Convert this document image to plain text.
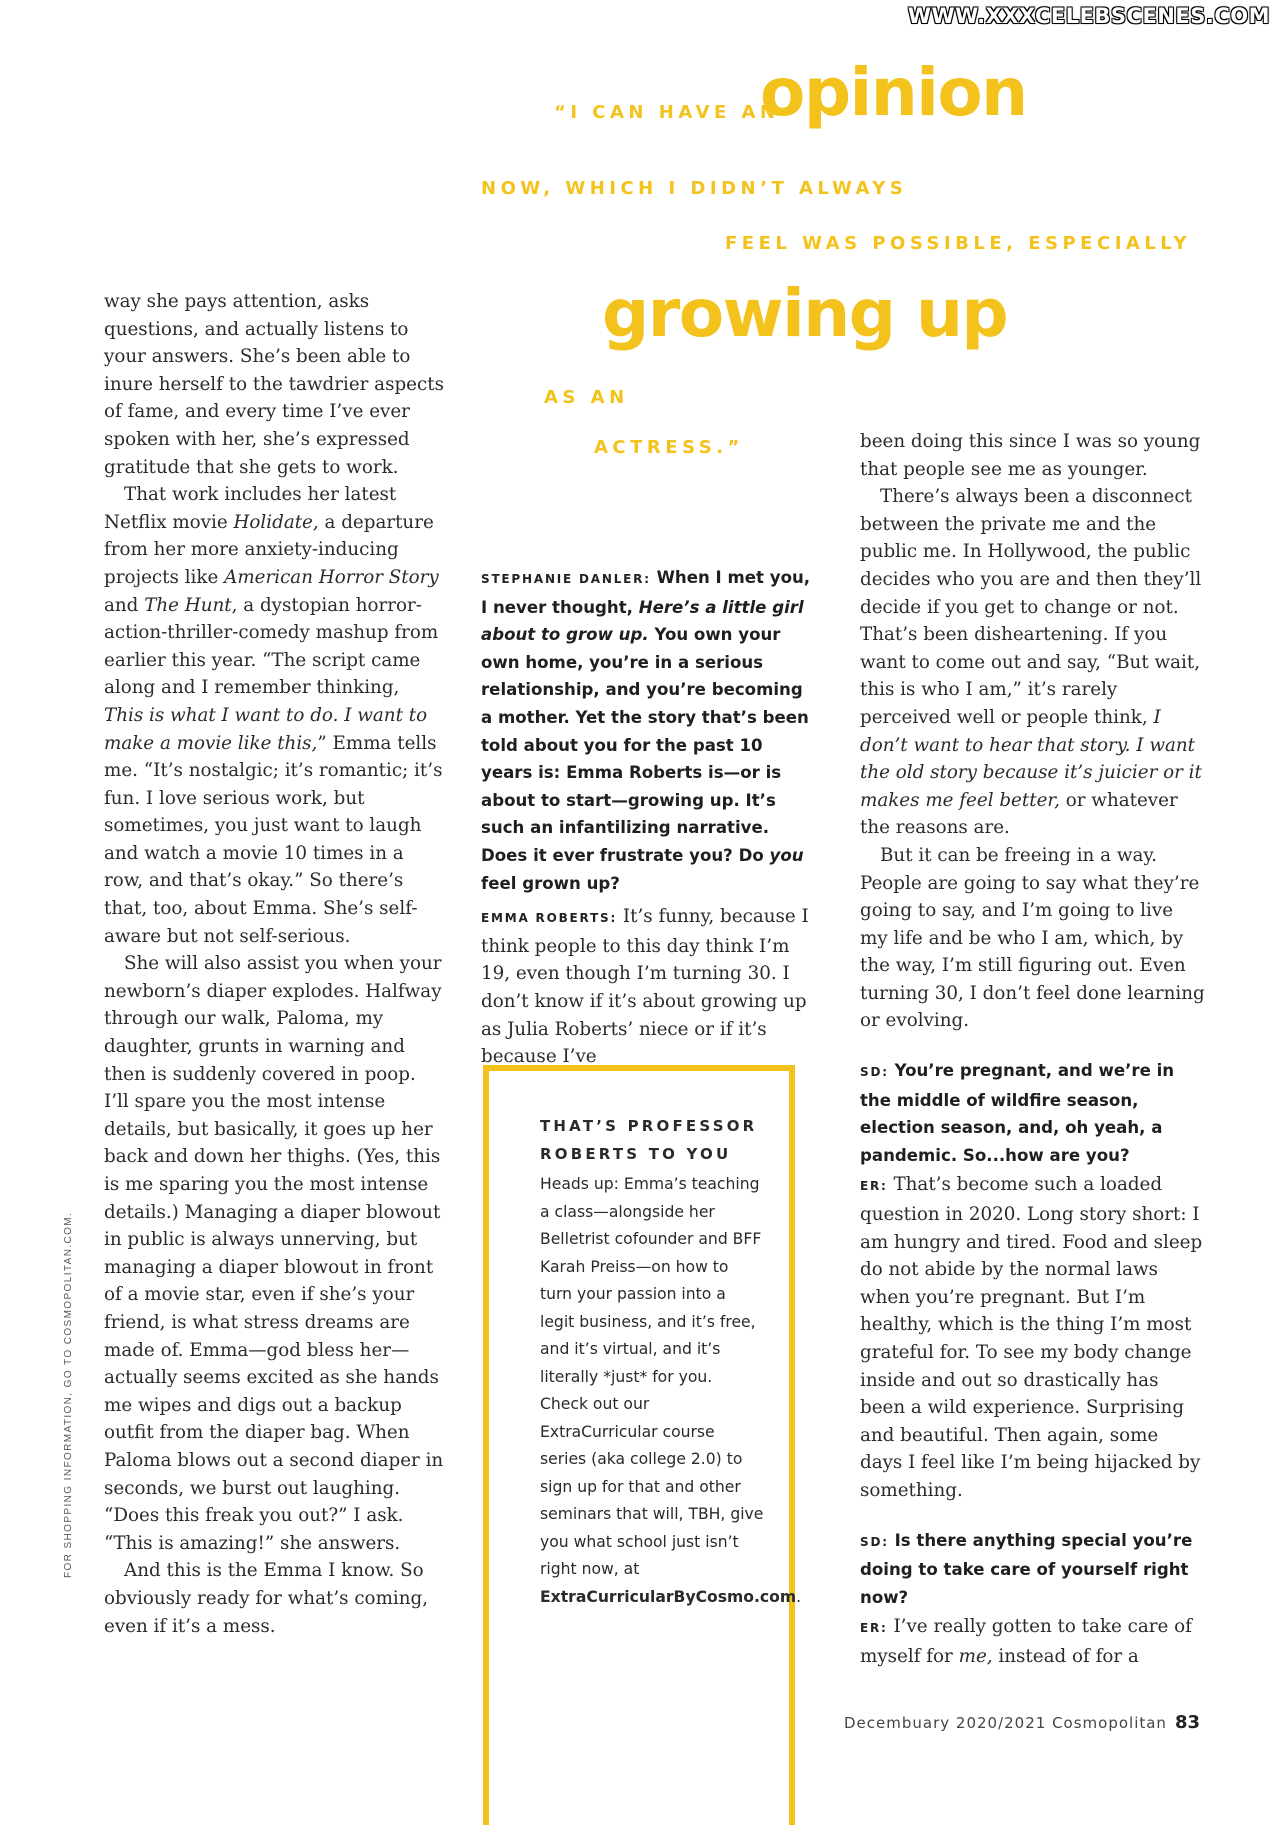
WWW.XXXCELEBSCENES.COM
FOR SHOPPING INFORMATION, GO TO COSMOPOLITAN.COM.
“I CAN HAVE AN
opinion
NOW, WHICH I DIDN’T ALWAYS
FEEL WAS POSSIBLE, ESPECIALLY
growing up
AS AN
ACTRESS.”

way she pays attention, asks questions, and actually listens to your answers. She’s been able to inure herself to the tawdrier aspects of fame, and every time I’ve ever spoken with her, she’s expressed gratitude that she gets to work.

That work includes her latest Netflix movie Holidate, a departure from her more anxiety-inducing projects like American Horror Story and The Hunt, a dystopian horror-action-thriller-comedy mashup from earlier this year. “The script came along and I remember thinking, This is what I want to do. I want to make a movie like this,” Emma tells me. “It’s nostalgic; it’s romantic; it’s fun. I love serious work, but sometimes, you just want to laugh and watch a movie 10 times in a row, and that’s okay.” So there’s that, too, about Emma. She’s self-aware but not self-serious.

She will also assist you when your newborn’s diaper explodes. Halfway through our walk, Paloma, my daughter, grunts in warning and then is suddenly covered in poop. I’ll spare you the most intense details, but basically, it goes up her back and down her thighs. (Yes, this is me sparing you the most intense details.) Managing a diaper blowout in public is always unnerving, but managing a diaper blowout in front of a movie star, even if she’s your friend, is what stress dreams are made of. Emma—god bless her—actually seems excited as she hands me wipes and digs out a backup outfit from the diaper bag. When Paloma blows out a second diaper in seconds, we burst out laughing. “Does this freak you out?” I ask. “This is amazing!” she answers.

And this is the Emma I know. So obviously ready for what’s coming, even if it’s a mess.

STEPHANIE DANLER: When I met you, I never thought, Here’s a little girl about to grow up. You own your own home, you’re in a serious relationship, and you’re becoming a mother. Yet the story that’s been told about you for the past 10 years is: Emma Roberts is—or is about to start—growing up. It’s such an infantilizing narrative. Does it ever frustrate you? Do you feel grown up?

EMMA ROBERTS: It’s funny, because I think people to this day think I’m 19, even though I’m turning 30. I don’t know if it’s about growing up as Julia Roberts’ niece or if it’s because I’ve

THAT’S PROFESSOR ROBERTS TO YOU
Heads up: Emma’s teaching a class—alongside her Belletrist cofounder and BFF Karah Preiss—on how to turn your passion into a legit business, and it’s free, and it’s virtual, and it’s literally *just* for you. Check out our ExtraCurricular course series (aka college 2.0) to sign up for that and other seminars that will, TBH, give you what school just isn’t right now, at ExtraCurricularByCosmo.com.

been doing this since I was so young that people see me as younger.

There’s always been a disconnect between the private me and the public me. In Hollywood, the public decides who you are and then they’ll decide if you get to change or not. That’s been disheartening. If you want to come out and say, “But wait, this is who I am,” it’s rarely perceived well or people think, I don’t want to hear that story. I want the old story because it’s juicier or it makes me feel better, or whatever the reasons are.

But it can be freeing in a way. People are going to say what they’re going to say, and I’m going to live my life and be who I am, which, by the way, I’m still figuring out. Even turning 30, I don’t feel done learning or evolving.

SD: You’re pregnant, and we’re in the middle of wildfire season, election season, and, oh yeah, a pandemic. So...how are you?

ER: That’s become such a loaded question in 2020. Long story short: I am hungry and tired. Food and sleep do not abide by the normal laws when you’re pregnant. But I’m healthy, which is the thing I’m most grateful for. To see my body change inside and out so drastically has been a wild experience. Surprising and beautiful. Then again, some days I feel like I’m being hijacked by something.

SD: Is there anything special you’re doing to take care of yourself right now?

ER: I’ve really gotten to take care of myself for me, instead of for a

Decembuary 2020/2021 Cosmopolitan 83
